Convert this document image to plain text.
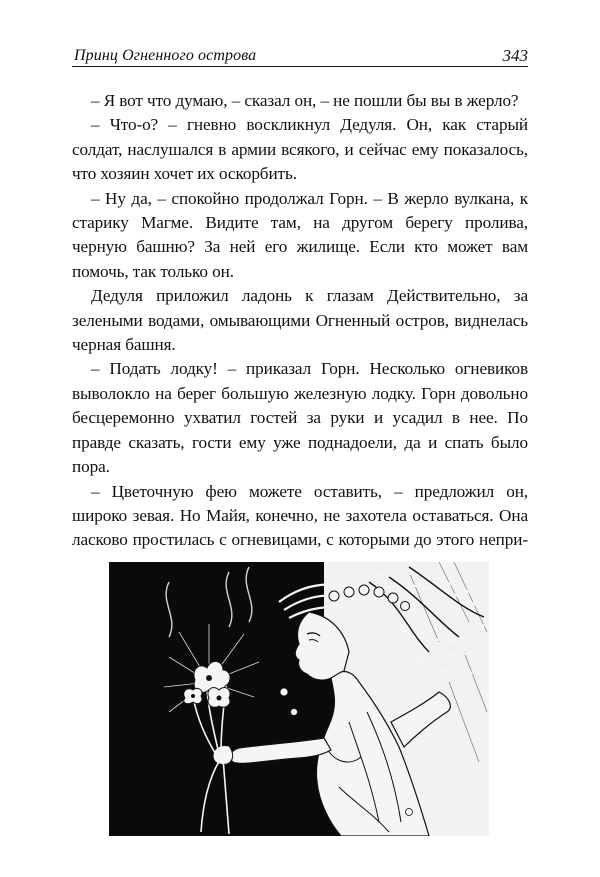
Принц Огненного острова	343

– Я вот что думаю, – сказал он, – не пошли бы вы в жерло?

– Что-о? – гневно воскликнул Дедуля. Он, как старый солдат, наслушался в армии всякого, и сейчас ему показалось, что хозяин хочет их оскорбить.

– Ну да, – спокойно продолжал Горн. – В жерло вулкана, к старику Магме. Видите там, на другом берегу пролива, черную башню? За ней его жилище. Если кто может вам помочь, так только он.

Дедуля приложил ладонь к глазам Действительно, за зелеными водами, омывающими Огненный остров, виднелась черная башня.

– Подать лодку! – приказал Горн. Несколько огневиков выволокло на берег большую железную лодку. Горн довольно бесцеремонно ухватил гостей за руки и усадил в нее. По правде сказать, гости ему уже поднадоели, да и спать было пора.

– Цветочную фею можете оставить, – предложил он, широко зевая. Но Майя, конечно, не захотела оставаться. Она ласково простилась с огневицами, с которыми до этого непри-
